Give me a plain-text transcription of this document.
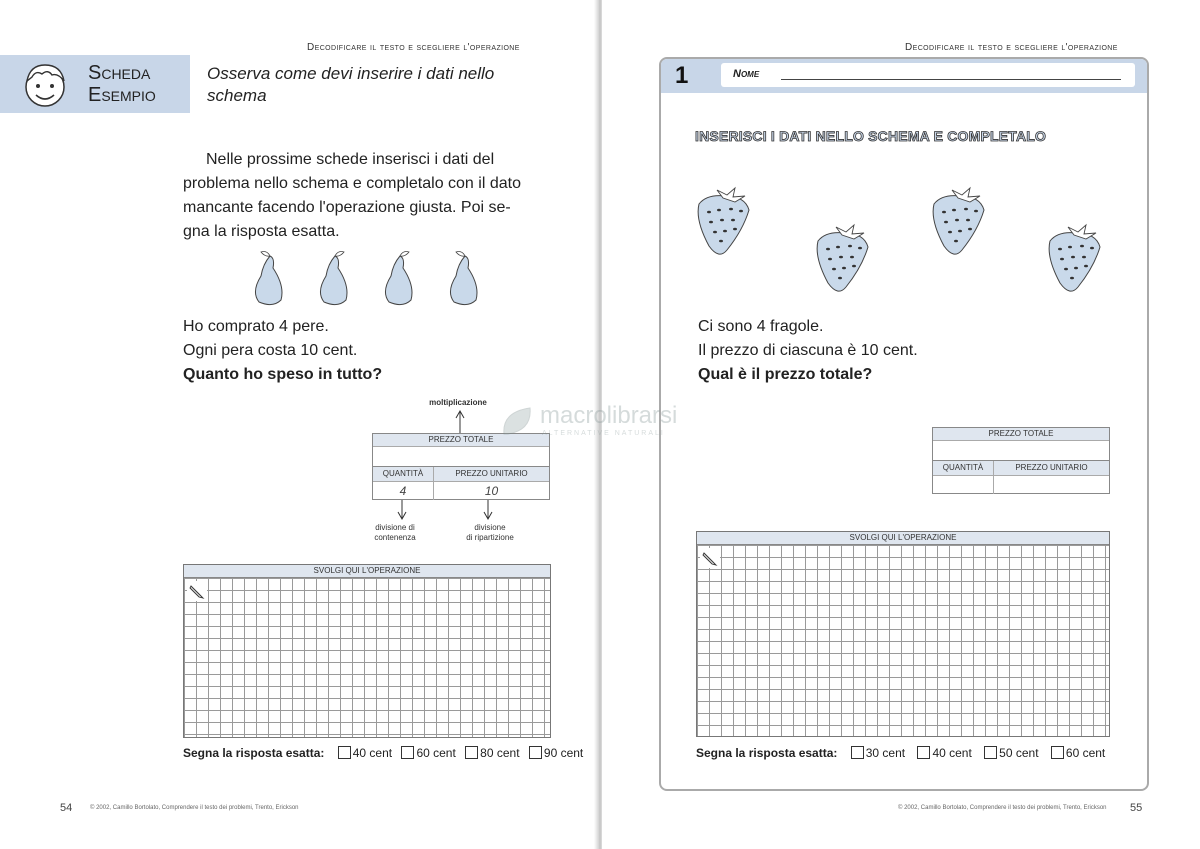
Decodificare il testo e scegliere l'operazione
Scheda
Esempio
Osserva come devi inserire i dati nello schema
Nelle prossime schede inserisci i dati del
problema nello schema e completalo con il dato
mancante facendo l'operazione giusta. Poi se-
gna la risposta esatta.
Ho comprato 4 pere.
Ogni pera costa 10 cent.
Quanto ho speso in tutto?
moltiplicazione
PREZZO TOTALE
QUANTITÀ	PREZZO UNITARIO
4	10
divisione di
contenenza
divisione
di ripartizione
SVOLGI QUI L'OPERAZIONE
Segna la risposta esatta: 40 cent 60 cent 80 cent 90 cent
54	© 2002, Camillo Bortolato, Comprendere il testo dei problemi, Trento, Erickson
Decodificare il testo e scegliere l'operazione
1	Nome
INSERISCI I DATI NELLO SCHEMA E COMPLETALO
Ci sono 4 fragole.
Il prezzo di ciascuna è 10 cent.
Qual è il prezzo totale?
PREZZO TOTALE
QUANTITÀ	PREZZO UNITARIO
SVOLGI QUI L'OPERAZIONE
Segna la risposta esatta: 30 cent 40 cent 50 cent 60 cent
© 2002, Camillo Bortolato, Comprendere il testo dei problemi, Trento, Erickson 55
macrolibrarsi
ALTERNATIVE NATURALI
